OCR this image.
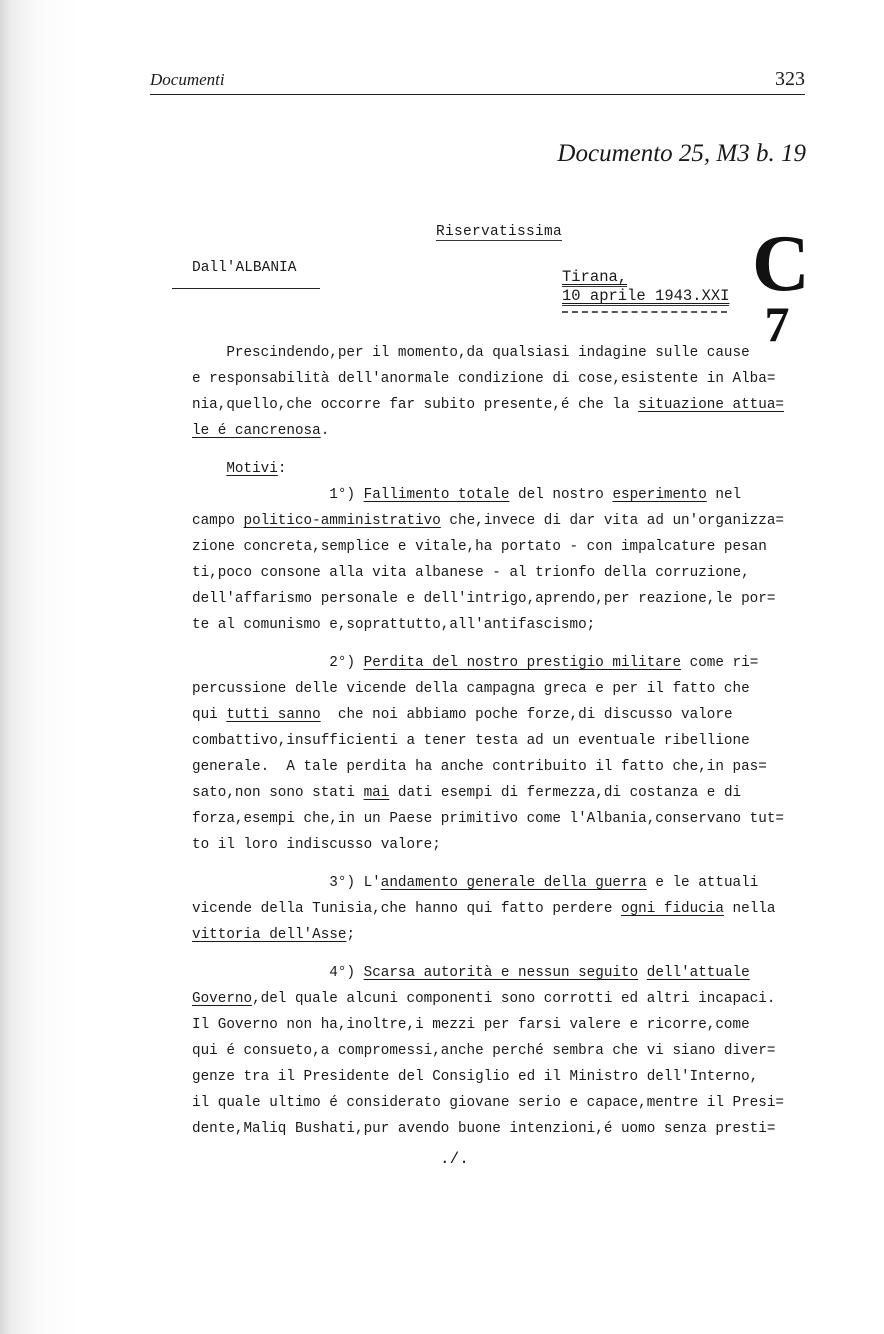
Documenti	323
Documento 25, M3 b. 19
Riservatissima
Dall'ALBANIA	Tirana,
10 aprile 1943.XXI C
7
Prescindendo,per il momento,da qualsiasi indagine sulle cause
e responsabilità dell'anormale condizione di cose,esistente in Alba=
nia,quello,che occorre far subito presente,é che la situazione attua=
le é cancrenosa.
Motivi:
1°) Fallimento totale del nostro esperimento nel
campo politico-amministrativo che,invece di dar vita ad un'organizza=
zione concreta,semplice e vitale,ha portato - con impalcature pesan
ti,poco consone alla vita albanese - al trionfo della corruzione,
dell'affarismo personale e dell'intrigo,aprendo,per reazione,le por=
te al comunismo e,soprattutto,all'antifascismo;
2°) Perdita del nostro prestigio militare come ri=
percussione delle vicende della campagna greca e per il fatto che
qui tutti sanno  che noi abbiamo poche forze,di discusso valore
combattivo,insufficienti a tener testa ad un eventuale ribellione
generale.  A tale perdita ha anche contribuito il fatto che,in pas=
sato,non sono stati mai dati esempi di fermezza,di costanza e di
forza,esempi che,in un Paese primitivo come l'Albania,conservano tut=
to il loro indiscusso valore;
3°) L'andamento generale della guerra e le attuali
vicende della Tunisia,che hanno qui fatto perdere ogni fiducia nella
vittoria dell'Asse;
4°) Scarsa autorità e nessun seguito dell'attuale
Governo,del quale alcuni componenti sono corrotti ed altri incapaci.
Il Governo non ha,inoltre,i mezzi per farsi valere e ricorre,come
qui é consueto,a compromessi,anche perché sembra che vi siano diver=
genze tra il Presidente del Consiglio ed il Ministro dell'Interno,
il quale ultimo é considerato giovane serio e capace,mentre il Presi=
dente,Maliq Bushati,pur avendo buone intenzioni,é uomo senza presti=
./.
